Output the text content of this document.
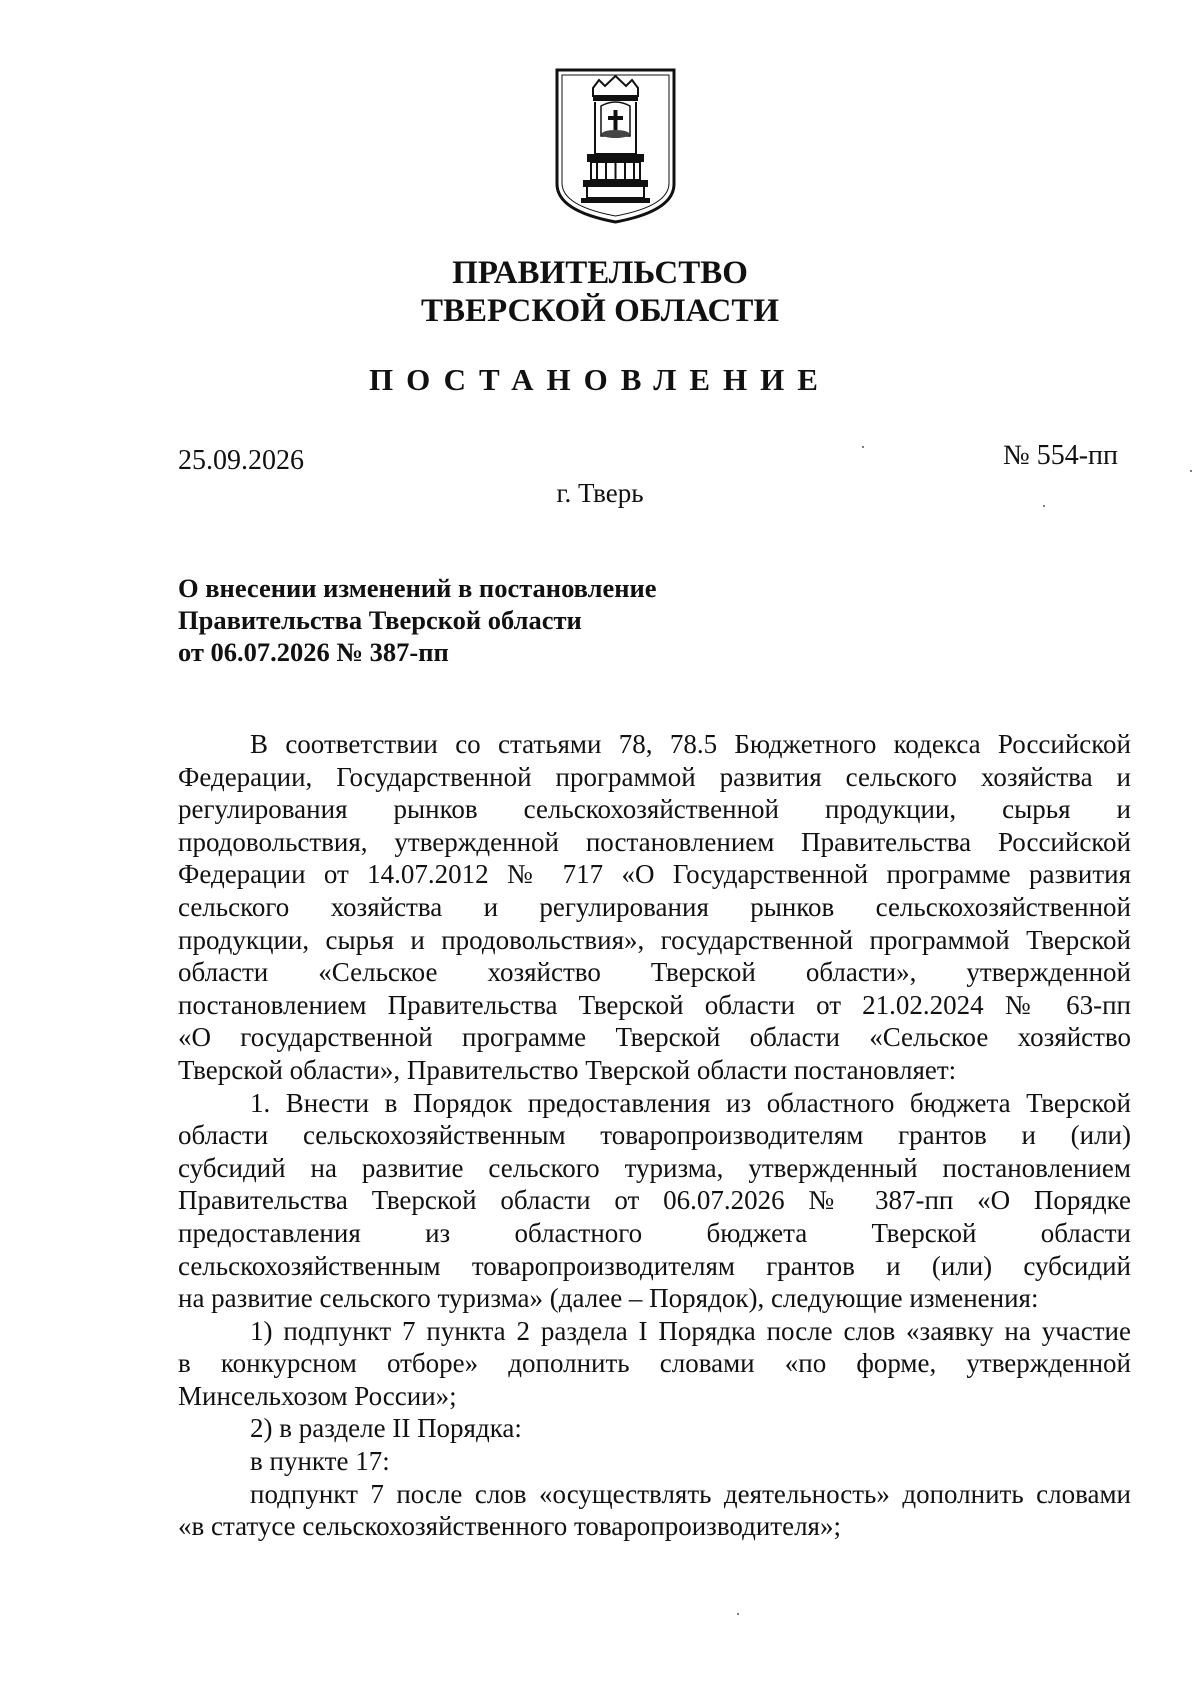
ПРАВИТЕЛЬСТВО
ТВЕРСКОЙ ОБЛАСТИ
ПОСТАНОВЛЕНИЕ
25.09.2026	№ 554-пп
г. Тверь
О внесении изменений в постановление
Правительства Тверской области
от 06.07.2026 № 387-пп
В соответствии со статьями 78, 78.5 Бюджетного кодекса Российской
Федерации, Государственной программой развития сельского хозяйства и
регулирования рынков сельскохозяйственной продукции, сырья и
продовольствия, утвержденной постановлением Правительства Российской
Федерации от 14.07.2012 № 717 «О Государственной программе развития
сельского хозяйства и регулирования рынков сельскохозяйственной
продукции, сырья и продовольствия», государственной программой Тверской
области «Сельское хозяйство Тверской области», утвержденной
постановлением Правительства Тверской области от 21.02.2024 № 63-пп
«О государственной программе Тверской области «Сельское хозяйство
Тверской области», Правительство Тверской области постановляет:
1. Внести в Порядок предоставления из областного бюджета Тверской
области сельскохозяйственным товаропроизводителям грантов и (или)
субсидий на развитие сельского туризма, утвержденный постановлением
Правительства Тверской области от 06.07.2026 № 387-пп «О Порядке
предоставления из областного бюджета Тверской области
сельскохозяйственным товаропроизводителям грантов и (или) субсидий
на развитие сельского туризма» (далее – Порядок), следующие изменения:
1) подпункт 7 пункта 2 раздела I Порядка после слов «заявку на участие
в конкурсном отборе» дополнить словами «по форме, утвержденной
Минсельхозом России»;
2) в разделе II Порядка:
в пункте 17:
подпункт 7 после слов «осуществлять деятельность» дополнить словами
«в статусе сельскохозяйственного товаропроизводителя»;
